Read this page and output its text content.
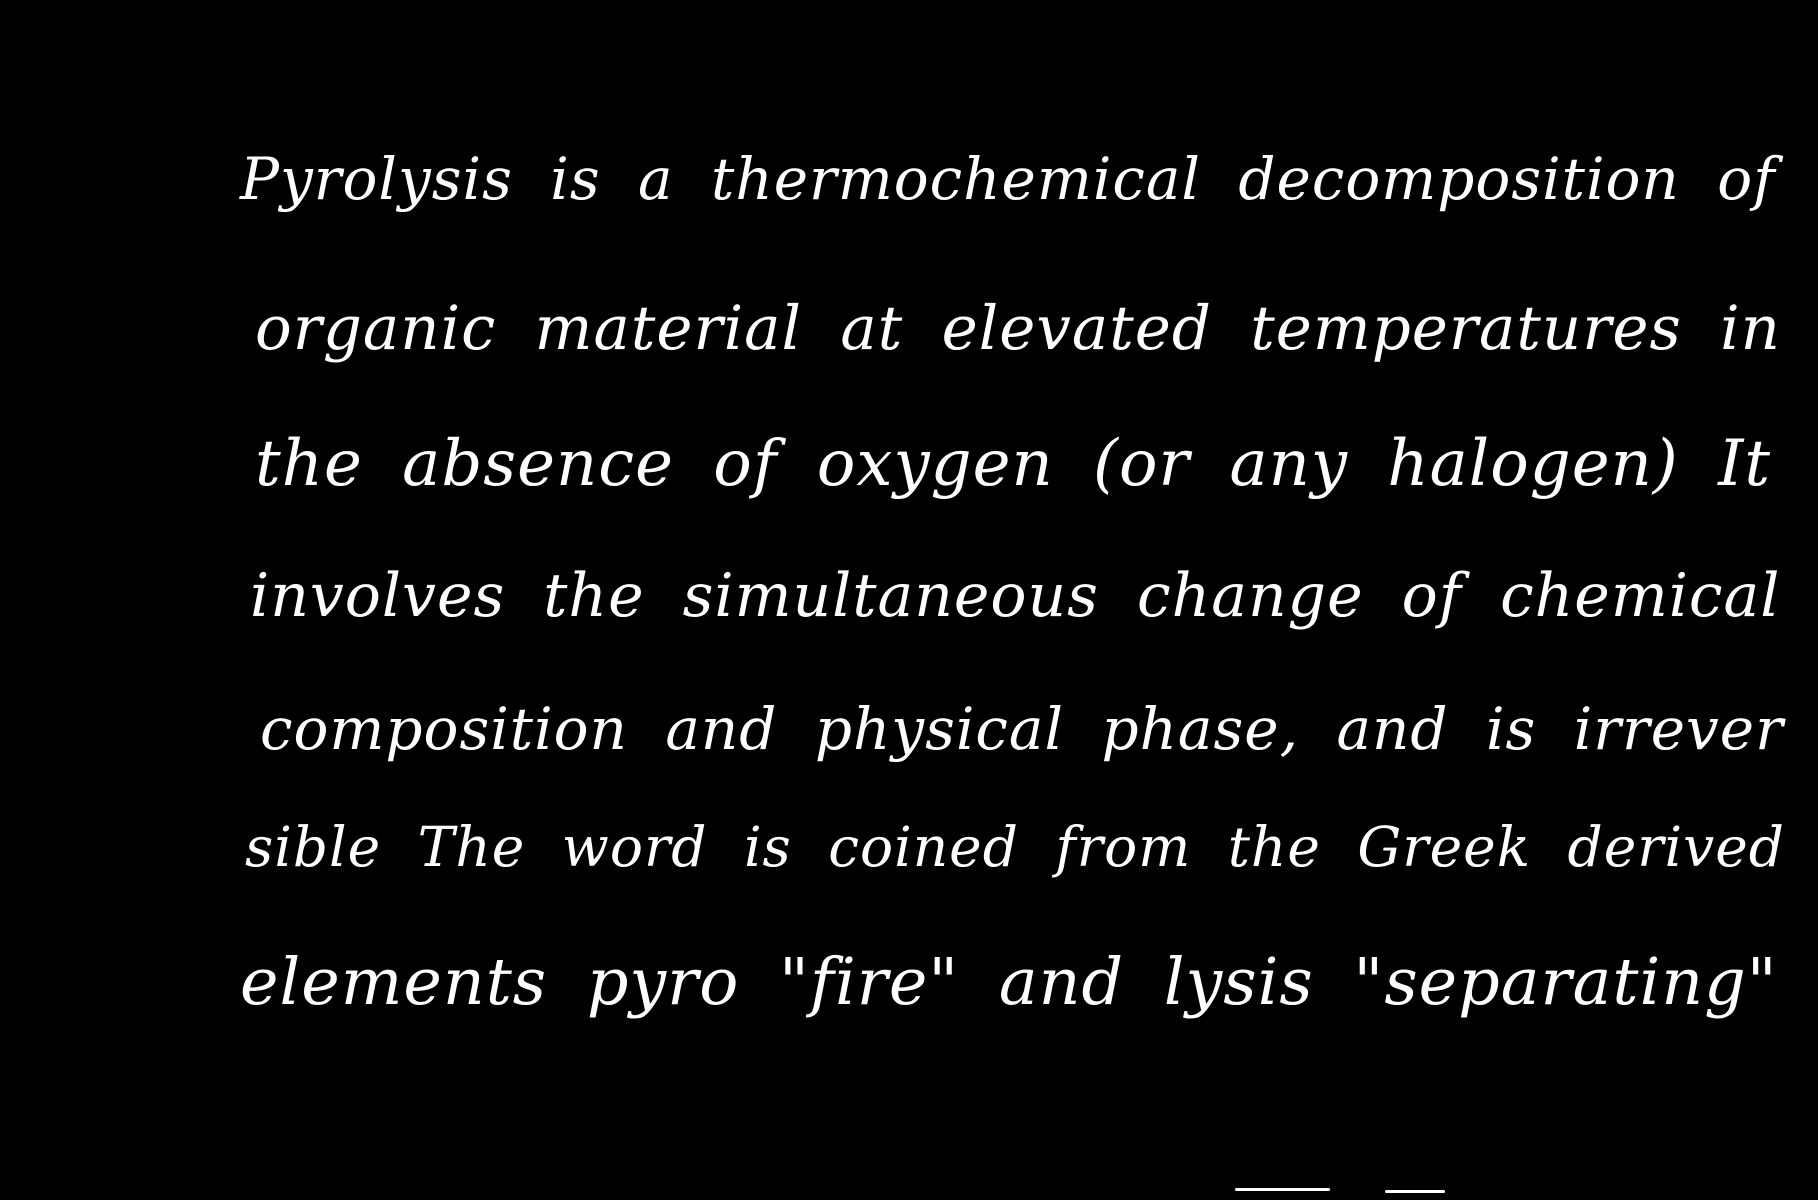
Pyrolysis is a thermochemical decomposition of
organic material at elevated temperatures in
the absence of oxygen (or any halogen) It
involves the simultaneous change of chemical
composition and physical phase, and is irrever
sible The word is coined from the Greek derived
elements pyro "fire" and lysis "separating"
